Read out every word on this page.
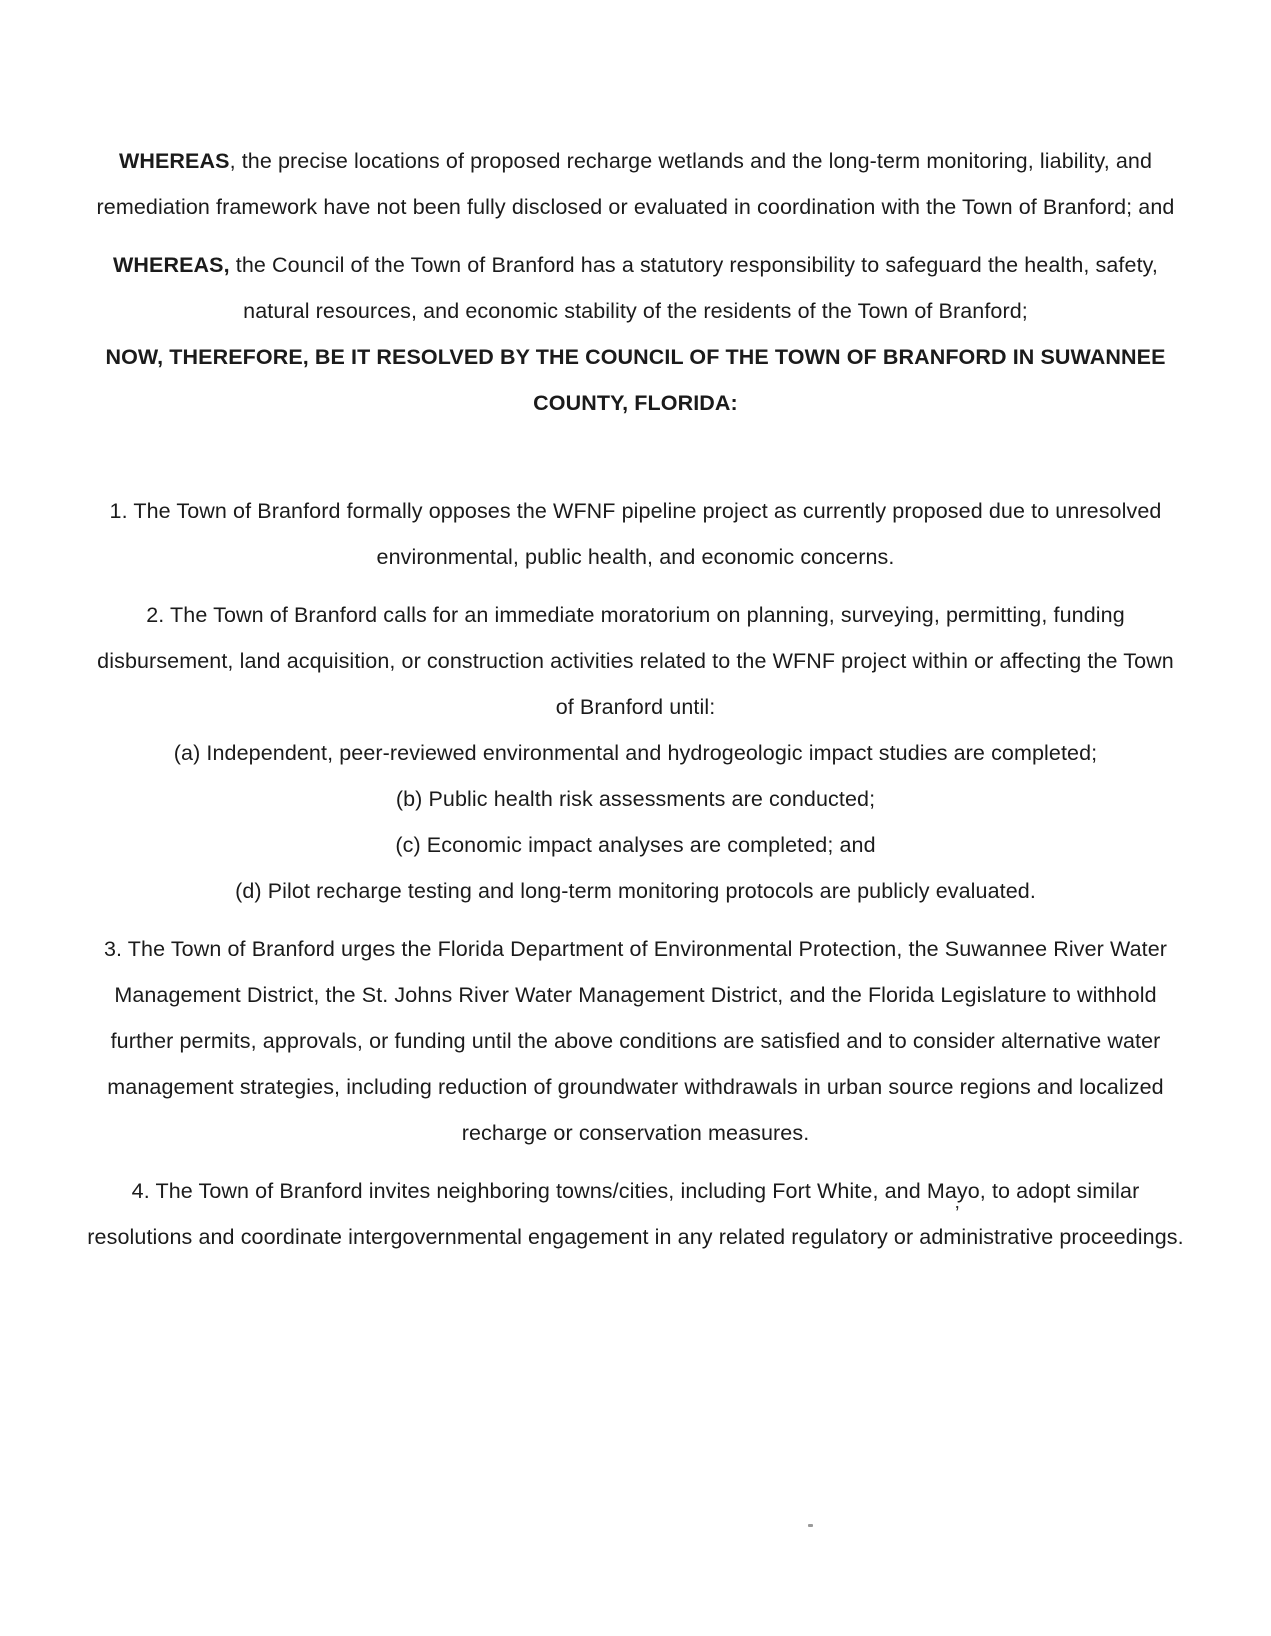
WHEREAS, the precise locations of proposed recharge wetlands and the long-term monitoring, liability, and remediation framework have not been fully disclosed or evaluated in coordination with the Town of Branford; and

WHEREAS, the Council of the Town of Branford has a statutory responsibility to safeguard the health, safety, natural resources, and economic stability of the residents of the Town of Branford;

NOW, THEREFORE, BE IT RESOLVED BY THE COUNCIL OF THE TOWN OF BRANFORD IN SUWANNEE COUNTY, FLORIDA:

1. The Town of Branford formally opposes the WFNF pipeline project as currently proposed due to unresolved environmental, public health, and economic concerns.

2. The Town of Branford calls for an immediate moratorium on planning, surveying, permitting, funding disbursement, land acquisition, or construction activities related to the WFNF project within or affecting the Town of Branford until:

(a) Independent, peer-reviewed environmental and hydrogeologic impact studies are completed;

(b) Public health risk assessments are conducted;

(c) Economic impact analyses are completed; and

(d) Pilot recharge testing and long-term monitoring protocols are publicly evaluated.

3. The Town of Branford urges the Florida Department of Environmental Protection, the Suwannee River Water Management District, the St. Johns River Water Management District, and the Florida Legislature to withhold further permits, approvals, or funding until the above conditions are satisfied and to consider alternative water management strategies, including reduction of groundwater withdrawals in urban source regions and localized recharge or conservation measures.

4. The Town of Branford invites neighboring towns/cities, including Fort White, and Mayo, to adopt similar resolutions and coordinate intergovernmental engagement in any related regulatory or administrative proceedings.

’
